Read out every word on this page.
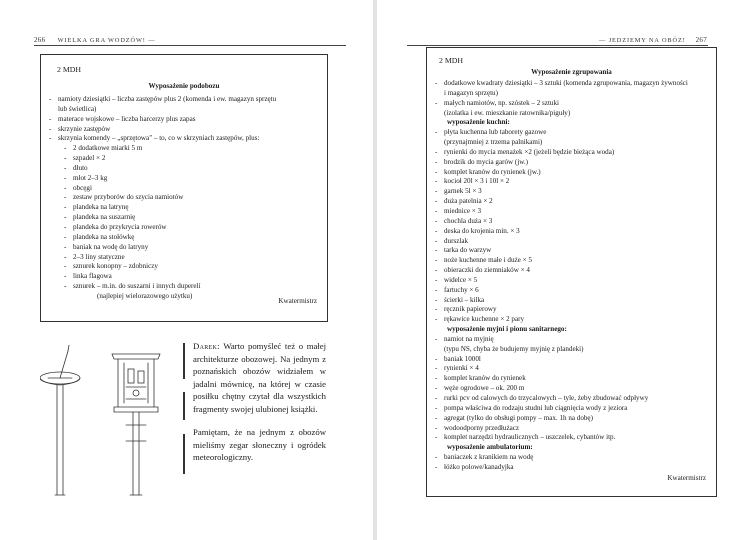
266 WIELKA GRA WODZÓW! —	— JEDZIEMY NA OBÓZ! 267
2 MDH
Wyposażenie podobozu
- namioty dziesiątki – liczba zastępów plus 2 (komenda i ew. magazyn sprzętu
lub świetlica)
- materace wojskowe – liczba harcerzy plus zapas
- skrzynie zastępów
- skrzynia komendy – „sprzętowa" – to, co w skrzyniach zastępów, plus:
- 2 dodatkowe miarki 5 m
- szpadel × 2
- dłuto
- młot 2–3 kg
- obcęgi
- zestaw przyborów do szycia namiotów
- plandeka na latrynę
- plandeka na suszarnię
- plandeka do przykrycia rowerów
- plandeka na stołówkę
- baniak na wodę do latryny
- 2–3 liny statyczne
- sznurek konopny – zdobniczy
- linka flagowa
- sznurek – m.in. do suszarni i innych duperelí
(najlepiej wielorazowego użytku)
Kwatermistrz
2 MDH
Wyposażenie zgrupowania
- dodatkowe kwadraty dziesiątki – 3 sztuki (komenda zgrupowania, magazyn żywności
i magazyn sprzętu)
- małych namiotów, np. szóstek – 2 sztuki
(izolatka i ew. mieszkanie ratownika/piguły)
wyposażenie kuchni:
- płyta kuchenna lub taborety gazowe
(przynajmniej z trzema palnikami)
- rynienki do mycia menażek ×2 (jeżeli będzie bieżąca woda)
- brodzik do mycia garów (jw.)
- komplet kranów do rynienek (jw.)
- kocioł 20l × 3 i 10l × 2
- garnek 5l × 3
- duża patelnia × 2
- miednice × 3
- chochla duża × 3
- deska do krojenia min. × 3
- durszlak
- tarka do warzyw
- noże kuchenne małe i duże × 5
- obieraczki do ziemniaków × 4
- widelce × 5
- fartuchy × 6
- ścierki – kilka
- ręcznik papierowy
- rękawice kuchenne × 2 pary
wyposażenie myjni i pionu sanitarnego:
- namiot na myjnię
(typu NS, chyba że budujemy myjnię z plandeki)
- baniak 1000l
- rynienki × 4
- komplet kranów do rynienek
- węże ogrodowe – ok. 200 m
- rurki pcv od calowych do trzycalowych – tyle, żeby zbudować odpływy
- pompa właściwa do rodzaju studni lub ciągnięcia wody z jeziora
- agregat (tylko do obsługi pompy – max. 1h na dobę)
- wodoodporny przedłużacz
- komplet narzędzi hydraulicznych – uszczelek, cybantów itp.
wyposażenie ambulatorium:
- baniaczek z kranikiem na wodę
- łóżko polowe/kanadyjka
Kwatermistrz

Darek: Warto pomyśleć też o małej architekturze obozowej. Na jednym z poznańskich obozów widziałem w jadalni mównicę, na której w czasie posiłku chętny czytał dla wszystkich fragmenty swojej ulubionej książki.

Pamiętam, że na jednym z obozów mieliśmy zegar słoneczny i ogródek meteorologiczny.
